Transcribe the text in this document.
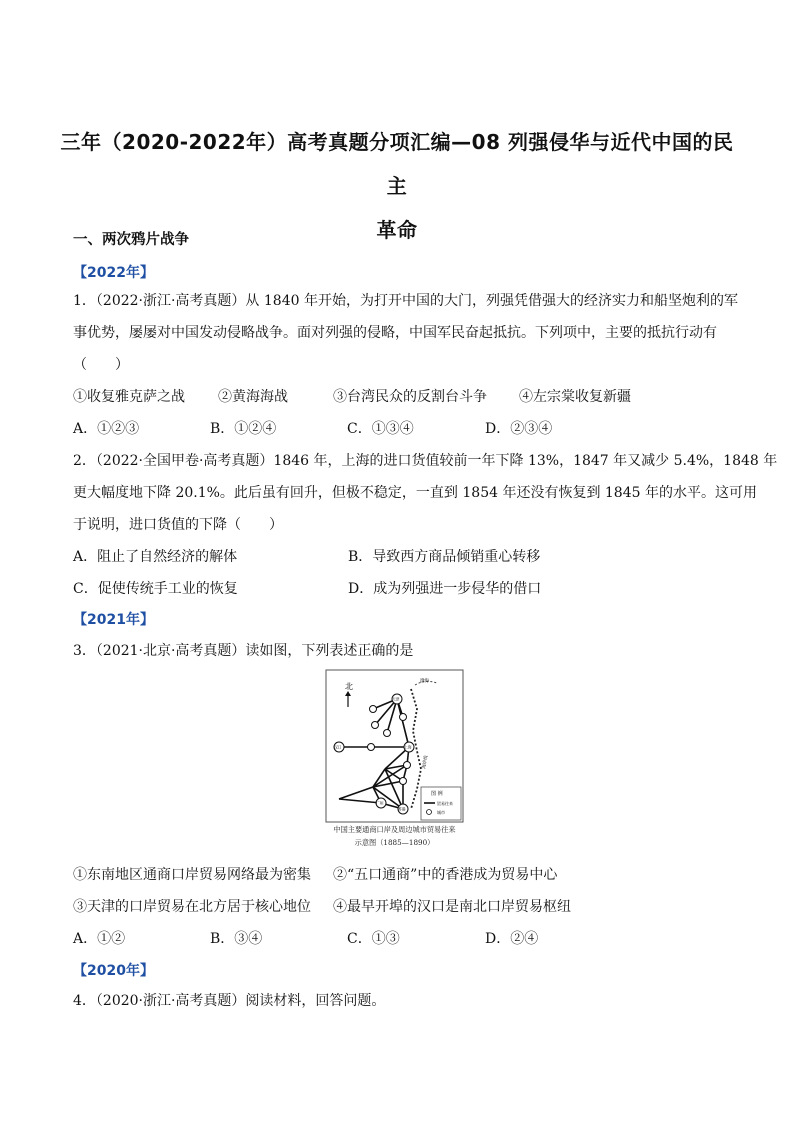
三年（2020-2022年）高考真题分项汇编—08 列强侵华与近代中国的民主
革命
一、两次鸦片战争
【2022年】
1．（2022·浙江·高考真题）从 1840 年开始，为打开中国的大门，列强凭借强大的经济实力和船坚炮利的军
事优势，屡屡对中国发动侵略战争。面对列强的侵略，中国军民奋起抵抗。下列项中，主要的抵抗行动有
（　　）
①收复雅克萨之战 ②黄海海战	③台湾民众的反割台斗争 ④左宗棠收复新疆
A．①②③	B．①②④	C．①③④	D．②③④
2．（2022·全国甲卷·高考真题）1846 年，上海的进口货值较前一年下降 13%，1847 年又减少 5.4%，1848 年
更大幅度地下降 20.1%。此后虽有回升，但极不稳定，一直到 1854 年还没有恢复到 1845 年的水平。这可用
于说明，进口货值的下降（　　）
A．阻止了自然经济的解体	B．导致西方商品倾销重心转移
C．促使传统手工业的恢复	D．成为列强进一步侵华的借口
【2021年】
3．（2021·北京·高考真题）读如图，下列表述正确的是
北
渤海
海岸线
天津
汉口	上海
广州
香港
图 例
贸易往来
城市
中国主要通商口岸及周边城市贸易往来
示意图（1885—1890）
①东南地区通商口岸贸易网络最为密集 ②“五口通商”中的香港成为贸易中心
③天津的口岸贸易在北方居于核心地位 ④最早开埠的汉口是南北口岸贸易枢纽
A．①②	B．③④	C．①③	D．②④
【2020年】
4．（2020·浙江·高考真题）阅读材料，回答问题。
